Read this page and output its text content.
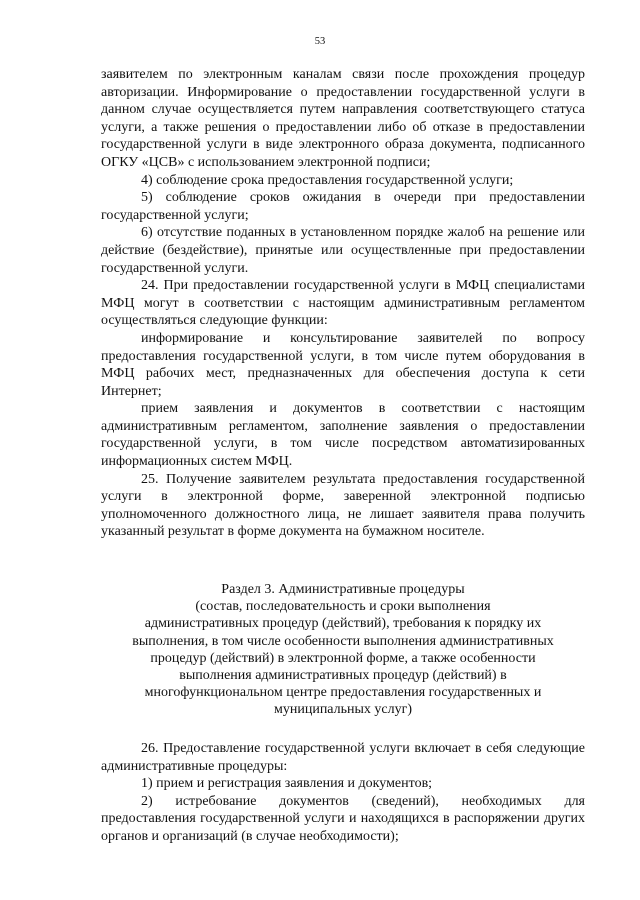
53

заявителем по электронным каналам связи после прохождения процедур авторизации. Информирование о предоставлении государственной услуги в данном случае осуществляется путем направления соответствующего статуса услуги, а также решения о предоставлении либо об отказе в предоставлении государственной услуги в виде электронного образа документа, подписанного ОГКУ «ЦСВ» с использованием электронной подписи;

4) соблюдение срока предоставления государственной услуги;

5) соблюдение сроков ожидания в очереди при предоставлении государственной услуги;

6) отсутствие поданных в установленном порядке жалоб на решение или действие (бездействие), принятые или осуществленные при предоставлении государственной услуги.

24. При предоставлении государственной услуги в МФЦ специалистами МФЦ могут в соответствии с настоящим административным регламентом осуществляться следующие функции:

информирование и консультирование заявителей по вопросу предоставления государственной услуги, в том числе путем оборудования в МФЦ рабочих мест, предназначенных для обеспечения доступа к сети Интернет;

прием заявления и документов в соответствии с настоящим административным регламентом, заполнение заявления о предоставлении государственной услуги, в том числе посредством автоматизированных информационных систем МФЦ.

25. Получение заявителем результата предоставления государственной услуги в электронной форме, заверенной электронной подписью уполномоченного должностного лица, не лишает заявителя права получить указанный результат в форме документа на бумажном носителе.

Раздел 3. Административные процедуры
(состав, последовательность и сроки выполнения
административных процедур (действий), требования к порядку их
выполнения, в том числе особенности выполнения административных
процедур (действий) в электронной форме, а также особенности
выполнения административных процедур (действий) в
многофункциональном центре предоставления государственных и
муниципальных услуг)

26. Предоставление государственной услуги включает в себя следующие административные процедуры:

1) прием и регистрация заявления и документов;

2) истребование документов (сведений), необходимых для предоставления государственной услуги и находящихся в распоряжении других органов и организаций (в случае необходимости);
